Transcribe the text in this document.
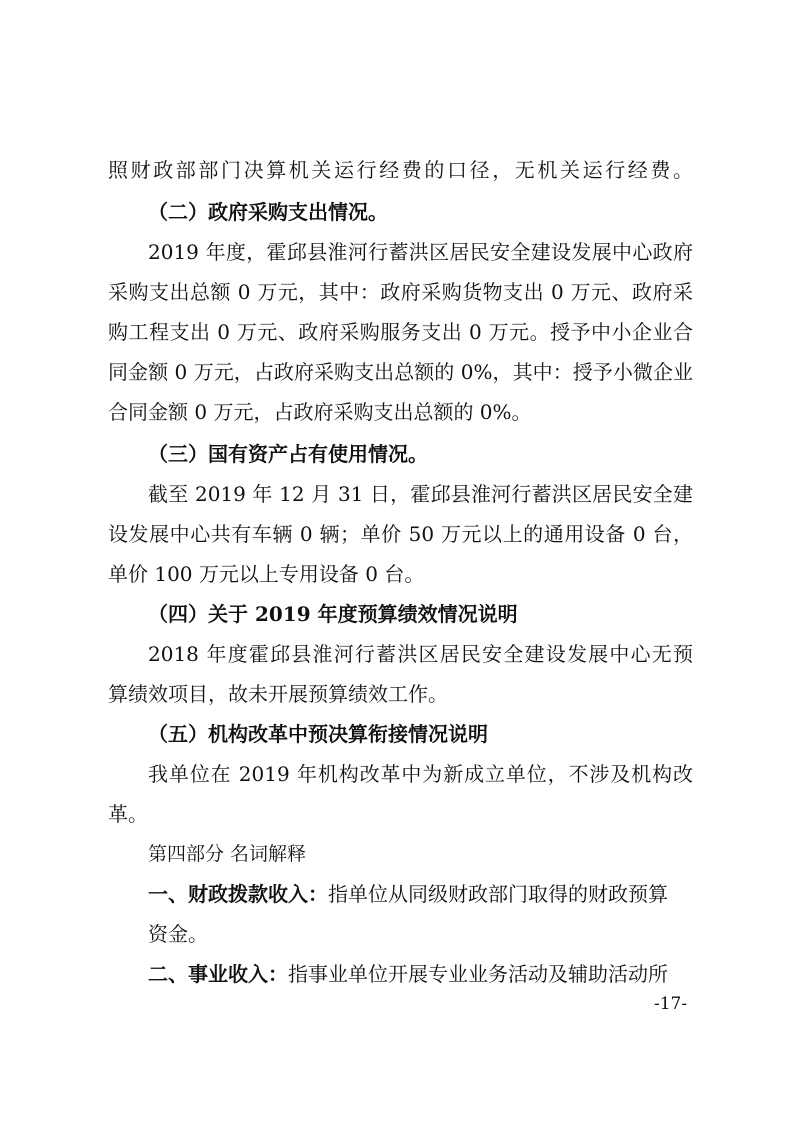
照财政部部门决算机关运行经费的口径，无机关运行经费。
（二）政府采购支出情况。
2019 年度，霍邱县淮河行蓄洪区居民安全建设发展中心政府
采购支出总额 0 万元，其中：政府采购货物支出 0 万元、政府采
购工程支出 0 万元、政府采购服务支出 0 万元。授予中小企业合
同金额 0 万元，占政府采购支出总额的 0%，其中：授予小微企业
合同金额 0 万元，占政府采购支出总额的 0%。
（三）国有资产占有使用情况。
截至 2019 年 12 月 31 日，霍邱县淮河行蓄洪区居民安全建
设发展中心共有车辆 0 辆；单价 50 万元以上的通用设备 0 台，
单价 100 万元以上专用设备 0 台。
（四）关于 2019 年度预算绩效情况说明
2018 年度霍邱县淮河行蓄洪区居民安全建设发展中心无预
算绩效项目，故未开展预算绩效工作。
（五）机构改革中预决算衔接情况说明
我单位在 2019 年机构改革中为新成立单位，不涉及机构改
革。
第四部分 名词解释
一、财政拨款收入：指单位从同级财政部门取得的财政预算
资金。
二、事业收入：指事业单位开展专业业务活动及辅助活动所
-17-
